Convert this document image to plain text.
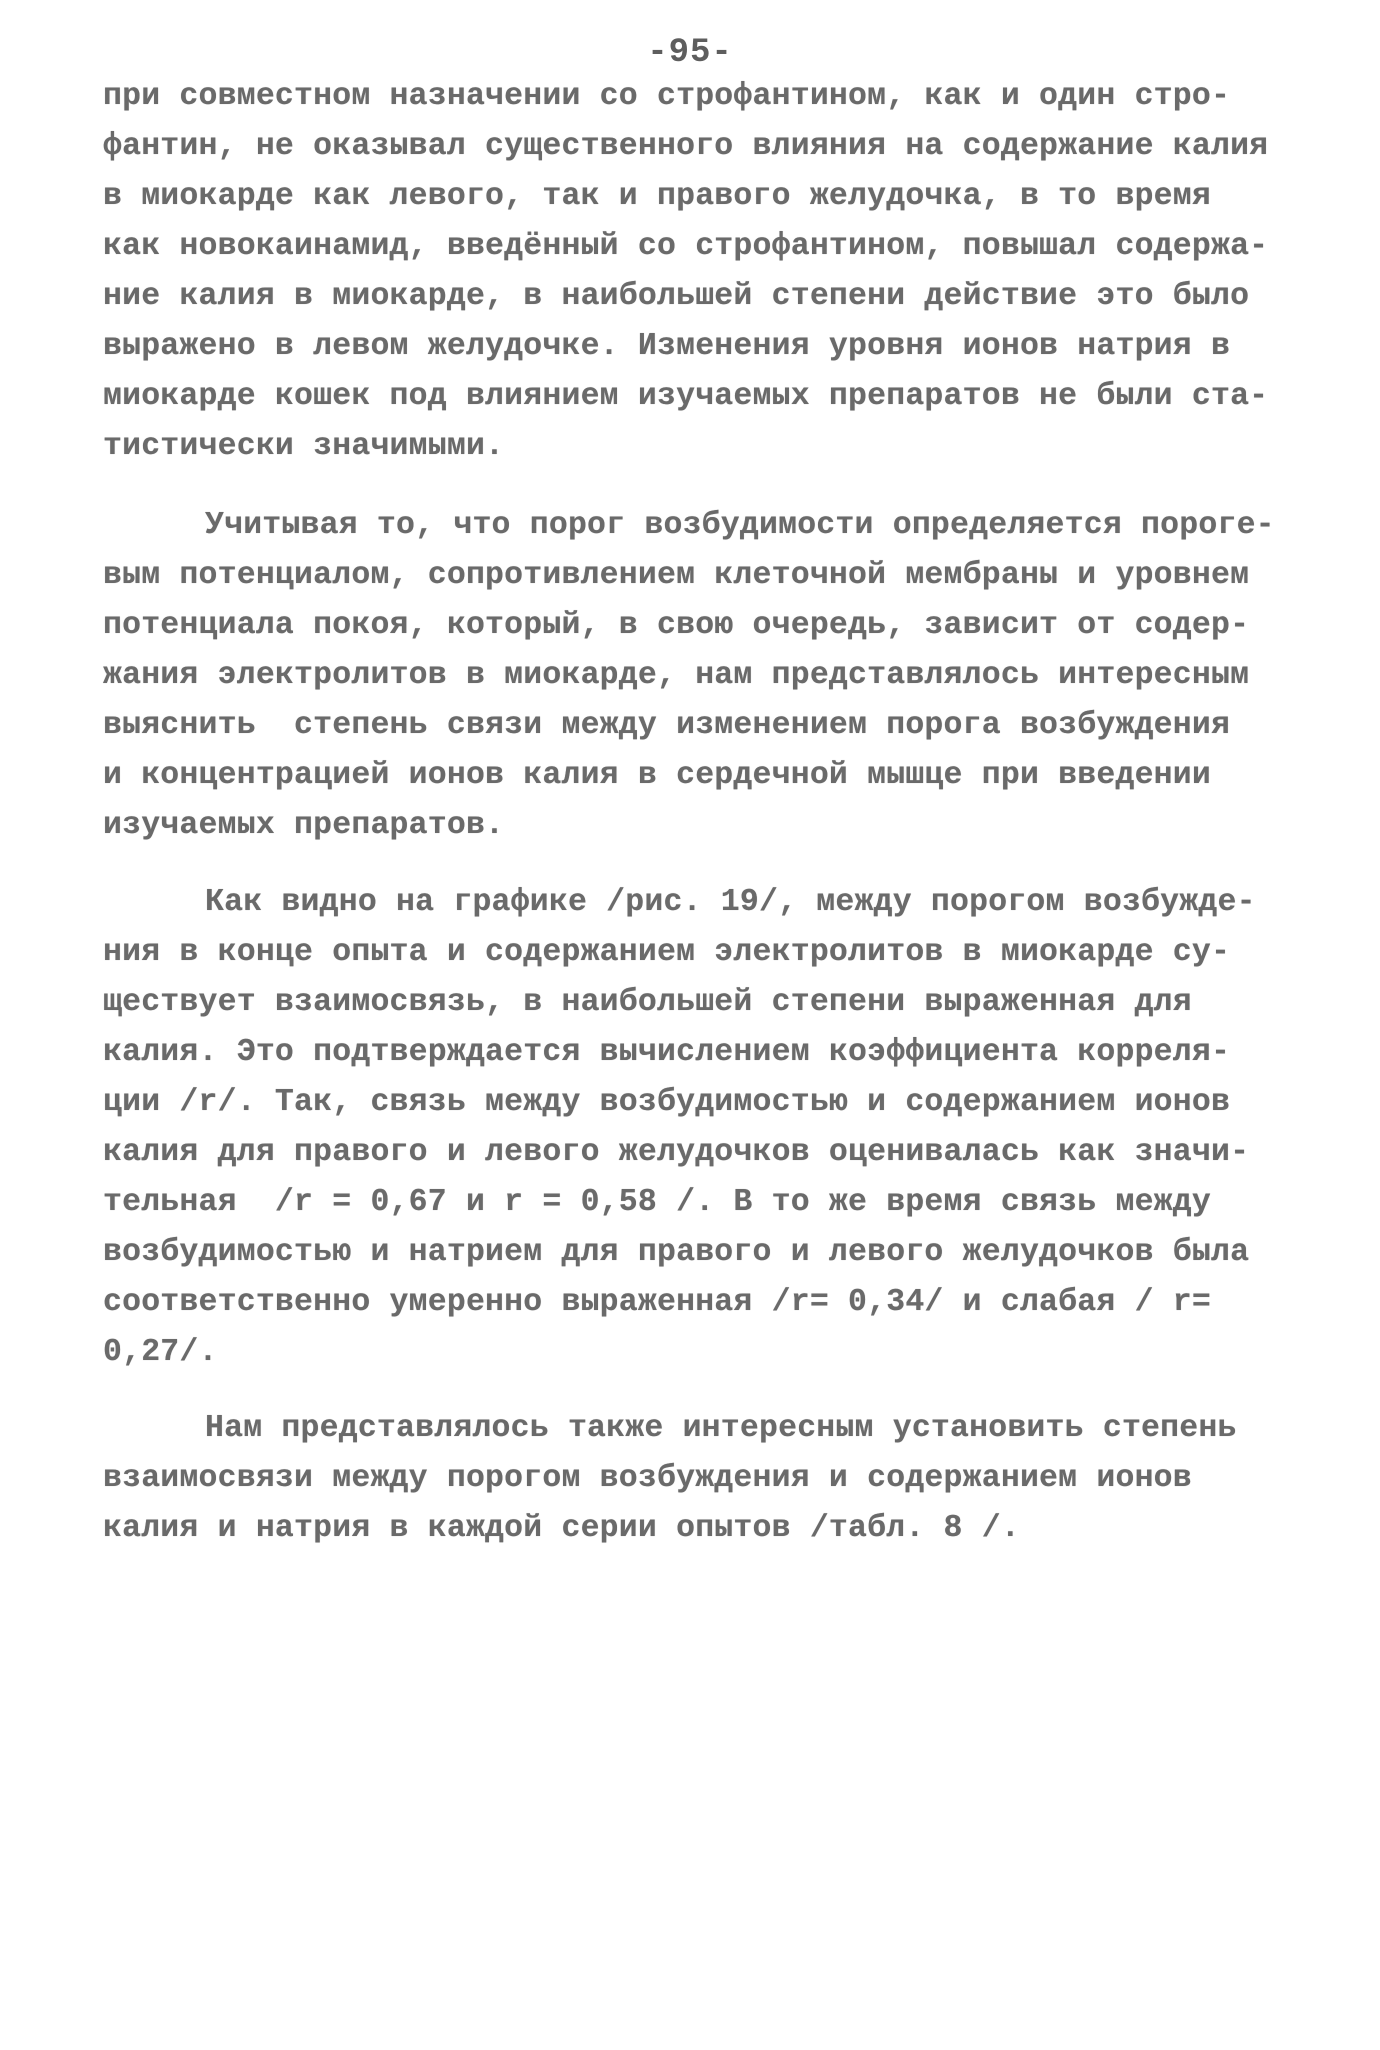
-95-
при совместном назначении со строфантином, как и один стро-
фантин, не оказывал существенного влияния на содержание калия
в миокарде как левого, так и правого желудочка, в то время
как новокаинамид, введённый со строфантином, повышал содержа-
ние калия в миокарде, в наибольшей степени действие это было
выражено в левом желудочке. Изменения уровня ионов натрия в
миокарде кошек под влиянием изучаемых препаратов не были ста-
тистически значимыми.
Учитывая то, что порог возбудимости определяется пороге-
вым потенциалом, сопротивлением клеточной мембраны и уровнем
потенциала покоя, который, в свою очередь, зависит от содер-
жания электролитов в миокарде, нам представлялось интересным
выяснить  степень связи между изменением порога возбуждения
и концентрацией ионов калия в сердечной мышце при введении
изучаемых препаратов.
Как видно на графике /рис. 19/, между порогом возбужде-
ния в конце опыта и содержанием электролитов в миокарде су-
ществует взаимосвязь, в наибольшей степени выраженная для
калия. Это подтверждается вычислением коэффициента корреля-
ции /r/. Так, связь между возбудимостью и содержанием ионов
калия для правого и левого желудочков оценивалась как значи-
тельная  /r = 0,67 и r = 0,58 /. В то же время связь между
возбудимостью и натрием для правого и левого желудочков была
соответственно умеренно выраженная /r= 0,34/ и слабая / r=
0,27/.
Нам представлялось также интересным установить степень
взаимосвязи между порогом возбуждения и содержанием ионов
калия и натрия в каждой серии опытов /табл. 8 /.
